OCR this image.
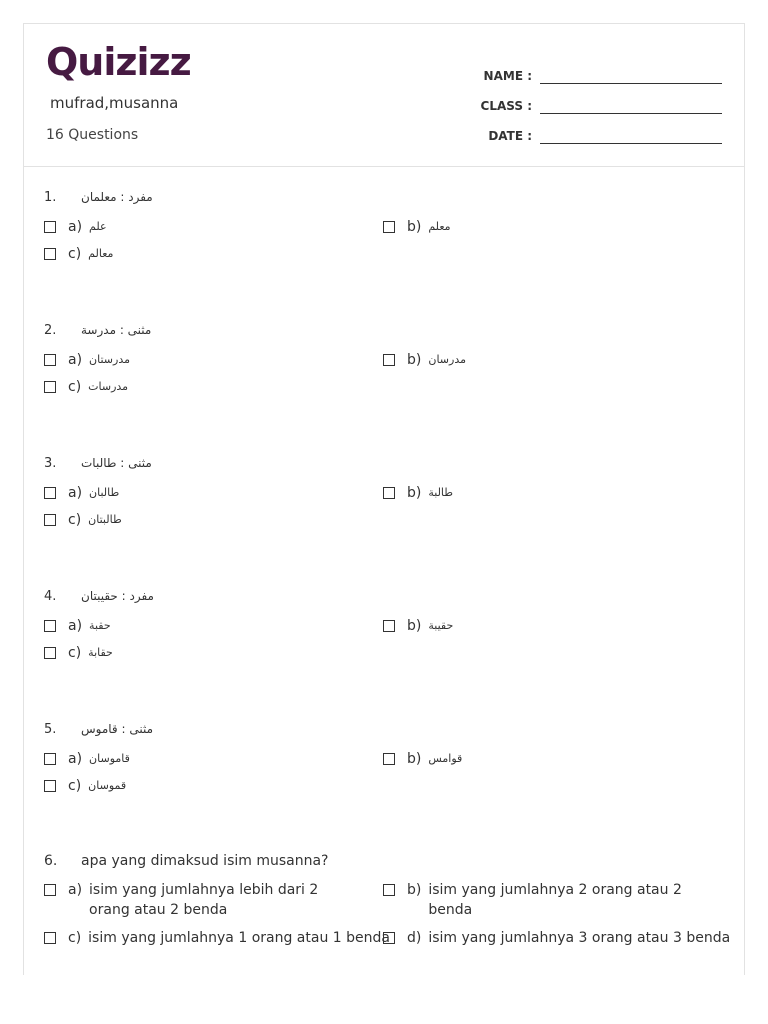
Quizizz
mufrad,musanna
16 Questions
NAME :
CLASS :
DATE :
1.	مفرد : معلمان
a) علم	b) معلم
c) معالم
2.	مثنى : مدرسة
a) مدرستان	b) مدرسان
c) مدرسات
3.	مثنى : طالبات
a) طالبان	b) طالبة
c) طالبتان
4.	مفرد : حقيبتان
a) حقبة	b) حقيبة
c) حقابة
5.	مثنى : قاموس
a) قاموسان	b) قوامس
c) قموسان
6.	apa yang dimaksud isim musanna?
a) isim yang jumlahnya lebih dari 2 orang atau 2 benda
b) isim yang jumlahnya 2 orang atau 2 benda
c) isim yang jumlahnya 1 orang atau 1 benda d) isim yang jumlahnya 3 orang atau 3 benda
